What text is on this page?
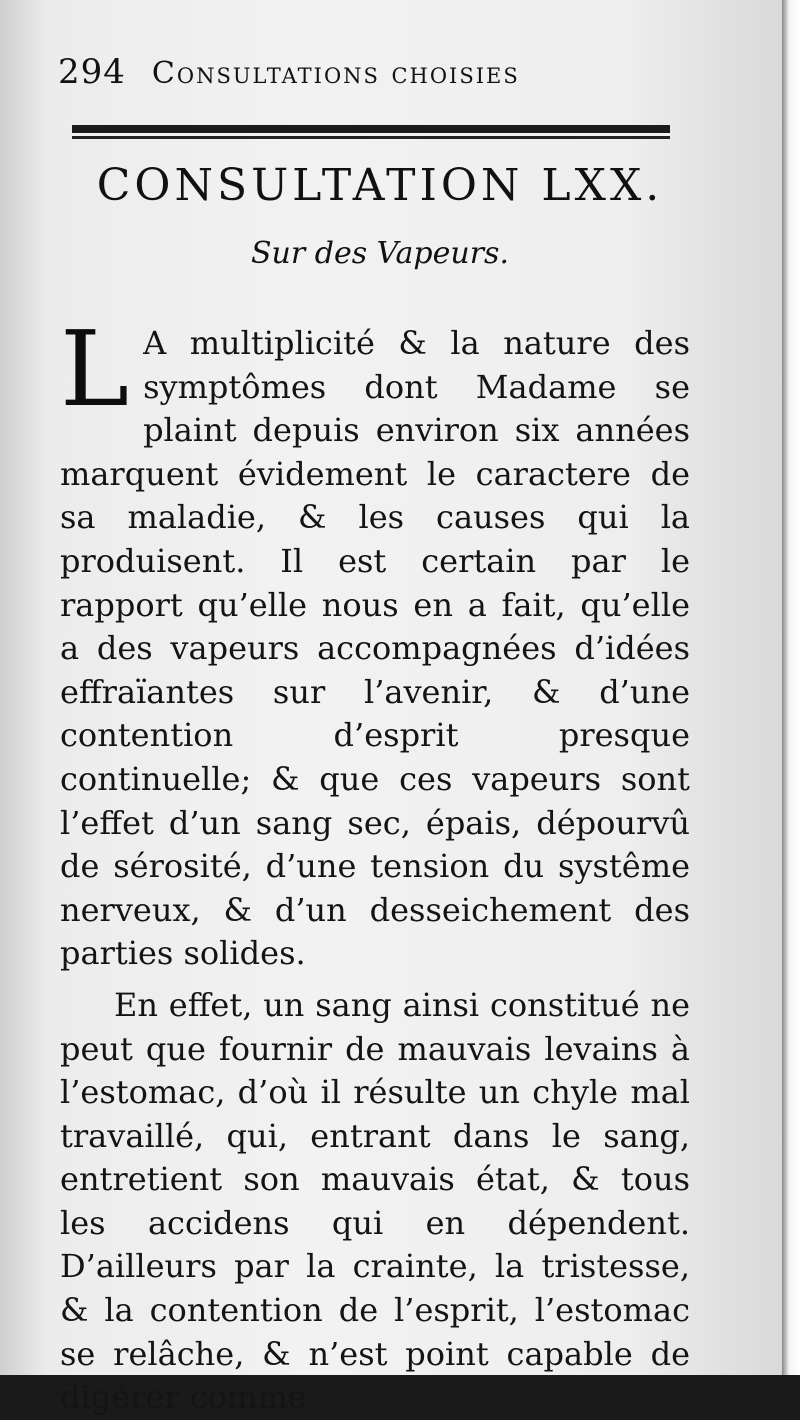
294 Consultations choisies
CONSULTATION LXX.
Sur des Vapeurs.

L A multiplicité & la nature des symptômes dont Madame se plaint depuis environ six années marquent évidement le caractere de sa maladie, & les causes qui la produisent. Il est certain par le rapport qu’elle nous en a fait, qu’elle a des vapeurs accompagnées d’idées effraïantes sur l’avenir, & d’une contention d’esprit presque continuelle; & que ces vapeurs sont l’effet d’un sang sec, épais, dépourvû de sérosité, d’une tension du systême nerveux, & d’un desseichement des parties solides.

En effet, un sang ainsi constitué ne peut que fournir de mauvais levains à l’estomac, d’où il résulte un chyle mal travaillé, qui, entrant dans le sang, entretient son mauvais état, & tous les accidens qui en dépendent. D’ailleurs par la crainte, la tristesse, & la contention de l’esprit, l’estomac se relâche, & n’est point capable de digérer comme
